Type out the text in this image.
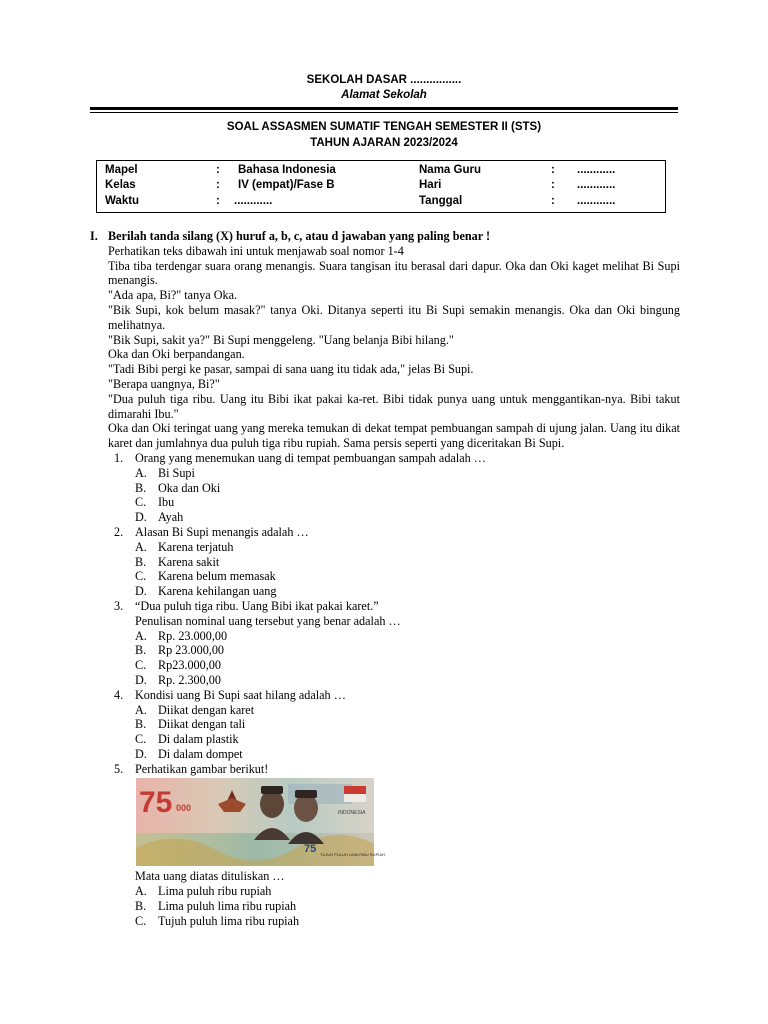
SEKOLAH DASAR ................
Alamat Sekolah
SOAL ASSASMEN SUMATIF TENGAH SEMESTER II (STS)
TAHUN AJARAN 2023/2024
Mapel	: Bahasa Indonesia	Nama Guru	: ............
Kelas	: IV (empat)/Fase B	Hari	: ............
Waktu	: ............	Tanggal	: ............
I. Berilah tanda silang (X) huruf a, b, c, atau d jawaban yang paling benar !
Perhatikan teks dibawah ini untuk menjawab soal nomor 1-4
Tiba tiba terdengar suara orang menangis. Suara tangisan itu berasal dari dapur. Oka dan Oki kaget melihat Bi Supi menangis.
"Ada apa, Bi?" tanya Oka.
"Bik Supi, kok belum masak?" tanya Oki. Ditanya seperti itu Bi Supi semakin menangis. Oka dan Oki bingung melihatnya.
"Bik Supi, sakit ya?" Bi Supi menggeleng. "Uang belanja Bibi hilang."
Oka dan Oki berpandangan.
"Tadi Bibi pergi ke pasar, sampai di sana uang itu tidak ada," jelas Bi Supi.
"Berapa uangnya, Bi?"
"Dua puluh tiga ribu. Uang itu Bibi ikat pakai ka-ret. Bibi tidak punya uang untuk menggantikan-nya. Bibi takut dimarahi Ibu."
Oka dan Oki teringat uang yang mereka temukan di dekat tempat pembuangan sampah di ujung jalan. Uang itu dikat karet dan jumlahnya dua puluh tiga ribu rupiah. Sama persis seperti yang diceritakan Bi Supi.
1. Orang yang menemukan uang di tempat pembuangan sampah adalah …
A. Bi Supi
B. Oka dan Oki
C. Ibu
D. Ayah
2. Alasan Bi Supi menangis adalah …
A. Karena terjatuh
B. Karena sakit
C. Karena belum memasak
D. Karena kehilangan uang
3. “Dua puluh tiga ribu. Uang Bibi ikat pakai karet.”
Penulisan nominal uang tersebut yang benar adalah …
A. Rp. 23.000,00
B. Rp 23.000,00
C. Rp23.000,00
D. Rp. 2.300,00
4. Kondisi uang Bi Supi saat hilang adalah …
A. Diikat dengan karet
B. Diikat dengan tali
C. Di dalam plastik
D. Di dalam dompet
5. Perhatikan gambar berikut!
75 000	INDONESIA
75 TUJUH PULUH LIMA RIBU RUPIAH
Mata uang diatas dituliskan …
A. Lima puluh ribu rupiah
B. Lima puluh lima ribu rupiah
C. Tujuh puluh lima ribu rupiah
